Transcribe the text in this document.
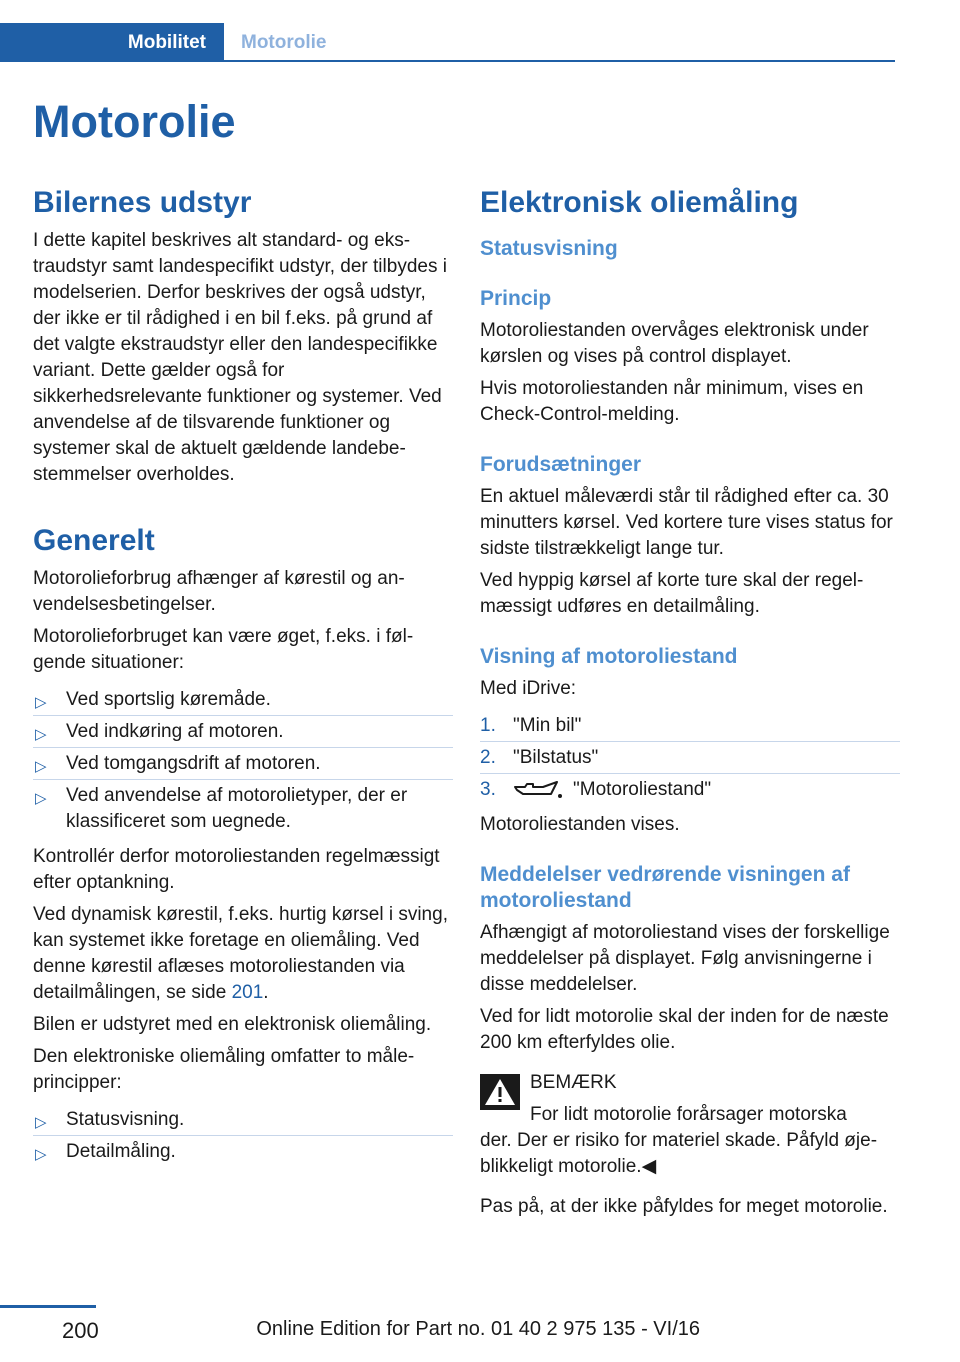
Mobilitet Motorolie
Motorolie
Bilernes udstyr

I dette kapitel beskrives alt standard- og ekstraudstyr samt landespecifikt udstyr, der tilbydes i modelserien. Derfor beskrives der også udstyr, der ikke er til rådighed i en bil f.eks. på grund af det valgte ekstraudstyr eller den landespecifikke variant. Dette gælder også for sikkerhedsrelevante funktioner og systemer. Ved anvendelse af de tilsvarende funktioner og systemer skal de aktuelt gældende landebestemmelser overholdes.

Generelt

Motorolieforbrug afhænger af kørestil og anvendelsesbetingelser.

Motorolieforbruget kan være øget, f.eks. i følgende situationer:

▷ Ved sportslig køremåde.
▷ Ved indkøring af motoren.
▷ Ved tomgangsdrift af motoren.
▷ Ved anvendelse af motorolietyper, der er klassificeret som uegnede.

Kontrollér derfor motoroliestanden regelmæssigt efter optankning.

Ved dynamisk kørestil, f.eks. hurtig kørsel i sving, kan systemet ikke foretage en oliemåling. Ved denne kørestil aflæses motoroliestanden via detailmålingen, se side 201.

Bilen er udstyret med en elektronisk oliemåling.

Den elektroniske oliemåling omfatter to måleprincipper:

▷ Statusvisning.
▷ Detailmåling.
Elektronisk oliemåling
Statusvisning
Princip

Motoroliestanden overvåges elektronisk under kørslen og vises på control displayet.

Hvis motoroliestanden når minimum, vises en Check-Control-melding.

Forudsætninger

En aktuel måleværdi står til rådighed efter ca. 30 minutters kørsel. Ved kortere ture vises status for sidste tilstrækkeligt lange tur.

Ved hyppig kørsel af korte ture skal der regelmæssigt udføres en detailmåling.

Visning af motoroliestand

Med iDrive:

1. "Min bil"
2. "Bilstatus"
3.	"Motoroliestand"

Motoroliestanden vises.

Meddelelser vedrørende visningen af motoroliestand

Afhængigt af motoroliestand vises der forskellige meddelelser på displayet. Følg anvisningerne i disse meddelelser.

Ved for lidt motorolie skal der inden for de næste 200 km efterfyldes olie.

BEMÆRK
For lidt motorolie forårsager motorska
der. Der er risiko for materiel skade. Påfyld øjeblikkeligt motorolie.◀

Pas på, at der ikke påfyldes for meget motorolie.

200	Online Edition for Part no. 01 40 2 975 135 - VI/16
